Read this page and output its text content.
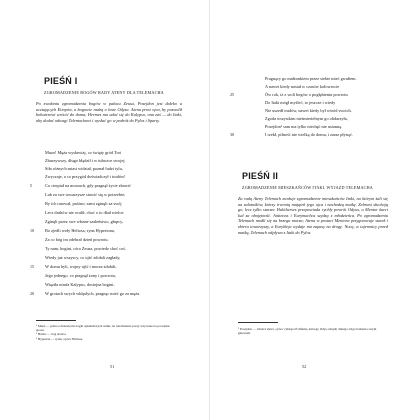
PIEŚŃ I
ZGROMADZENIE BOGÓW RADY ATENY DLA TELEMACHA
Po zwołaniu zgromadzenia bogów w pałacu Zeusa, Posejdon jest daleko u ucztujących Etiopów, a bogowie radzą o losie Odysa. Atena prosi ojca, by pozwolił bohaterowi wrócić do domu; Hermes ma udać się do Kalypso, ona zaś — do Itaki, aby dodać odwagi Telemachowi i wysłać go w podróż do Pylos i Sparty.
Muzo! Męża wysławiaj, co święty gród Troi
Zburzywszy, długo błądził i w tułaczce swojej
Siła różnych miast widział, poznał ludzi tylu,
Zwyczaje, a co przygód doświadczył i trudów!
Co cierpiał na morzach, gdy pragnął życie zbawić
Lub za swe towarzysze stawić się w potrzebie;
By ich ratował, próżno; sami zginęli za swój
Lecz druhów nie ocalił, choć o to dbał wielce:
Zginęli przez swe własne szaleństwo, głupcy,
Bo zjedli woły Heliosa, syna Hyperiona,
Za co bóg im odebrał dzień powrotu.
Ty nam, bogini, córo Zeusa, powiedz choć coś.
Wtedy już wszyscy, co ujść zdołali zagłady,
W domu byli, wojny ujść i morza zdołali;
Jego jednego, co pragnął żony i powrotu,
Więziła nimfa Kalypso, dostojna bogini,
W grotach swych wklęsłych, pragnąc mieć go za męża.
5
10
15
20
¹ Muza — jedna z dziewięciu bogiń opiekuńczych sztuk; tu: natchnienie poety wzywane na początku eposu.
² Helios — bóg słońca.
³ Hyperion — tytan, ojciec Heliosa.
51
Pragnący go małżonkiem przez siebie mieć gwałtem.
A nawet kiedy nastał w czasów kołowrocie
Ów rok, iż z woli bogów o pogłębieniu powrotu
Do Itaki mógł myśleć; to jeszcze i wtedy
Nie uszedł trudów, nawet kiedy był wśród swoich.
Zgoda wszystkim nieśmiertelnym go obdarzyła,
Posejdon¹ sam ma tylko niechęć nie ustanną.
I rzekł, pilność nie wielką do domu, i zaraz płynąć.
25
30
PIEŚŃ II
ZGROMADZENIE MIESZKAŃCÓW ITAKI. WYJAZD TELEMACHA
Za radą Ateny Telemach zwołuje zgromadzenie mieszkańców Itaki, na którym żali się na zalotników, którzy trwonią majątek jego ojca i nachodzą matkę. Zebrani słuchają go, lecz tylko starzec Halitherses przepowiada rychły powrót Odysa, a Mentor karci lud za obojętność. Antinoos i Eurymachos szydzą z młodzieńca. Po zgromadzeniu Telemach modli się na brzegu morza; Atena w postaci Mentora przygotowuje statek i zbiera towarzyszy, a Eurykleja wydaje mu zapasy na drogę. Nocą, w tajemnicy przed matką, Telemach odpływa z Itaki do Pylos.
¹ Posejdon — władca mórz, ojciec cyklopa Polifema, którego Odys oślepił; dlatego ściga bohatera swym gniewem.
52
